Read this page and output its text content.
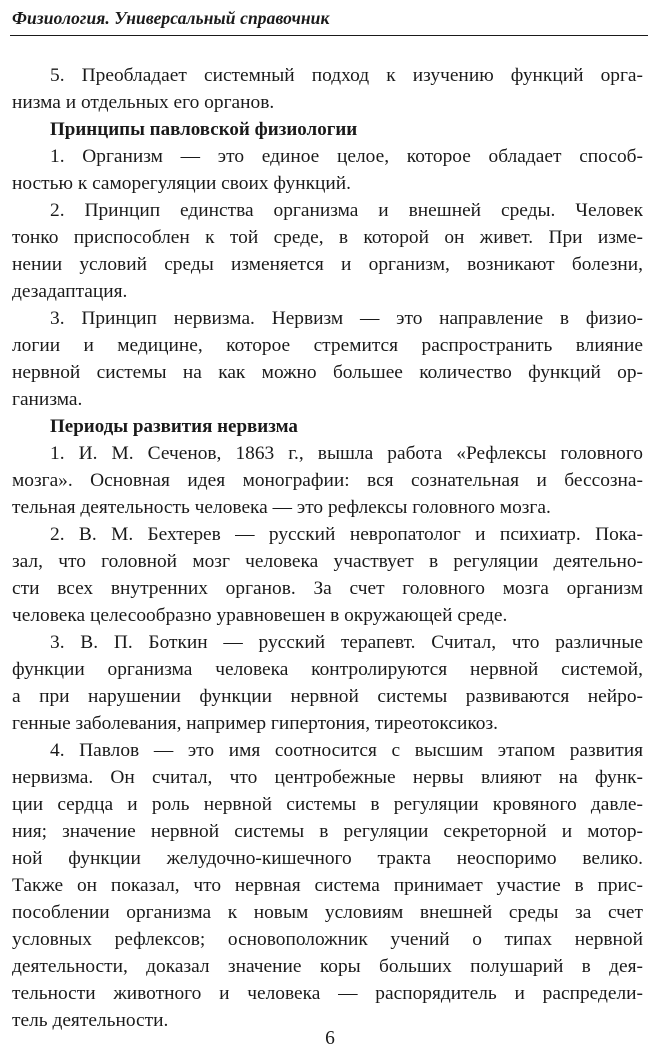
Физиология. Универсальный справочник
5. Преобладает системный подход к изучению функций орга-
низма и отдельных его органов.
Принципы павловской физиологии
1. Организм — это единое целое, которое обладает способ-
ностью к саморегуляции своих функций.
2. Принцип единства организма и внешней среды. Человек
тонко приспособлен к той среде, в которой он живет. При изме-
нении условий среды изменяется и организм, возникают болезни,
дезадаптация.
3. Принцип нервизма. Нервизм — это направление в физио-
логии и медицине, которое стремится распространить влияние
нервной системы на как можно большее количество функций ор-
ганизма.
Периоды развития нервизма
1. И. М. Сеченов, 1863 г., вышла работа «Рефлексы головного
мозга». Основная идея монографии: вся сознательная и бессозна-
тельная деятельность человека — это рефлексы головного мозга.
2. В. М. Бехтерев — русский невропатолог и психиатр. Пока-
зал, что головной мозг человека участвует в регуляции деятельно-
сти всех внутренних органов. За счет головного мозга организм
человека целесообразно уравновешен в окружающей среде.
3. В. П. Боткин — русский терапевт. Считал, что различные
функции организма человека контролируются нервной системой,
а при нарушении функции нервной системы развиваются нейро-
генные заболевания, например гипертония, тиреотоксикоз.
4. Павлов — это имя соотносится с высшим этапом развития
нервизма. Он считал, что центробежные нервы влияют на функ-
ции сердца и роль нервной системы в регуляции кровяного давле-
ния; значение нервной системы в регуляции секреторной и мотор-
ной функции желудочно-кишечного тракта неоспоримо велико.
Также он показал, что нервная система принимает участие в прис-
пособлении организма к новым условиям внешней среды за счет
условных рефлексов; основоположник учений о типах нервной
деятельности, доказал значение коры больших полушарий в дея-
тельности животного и человека — распорядитель и распредели-
тель деятельности.
6
